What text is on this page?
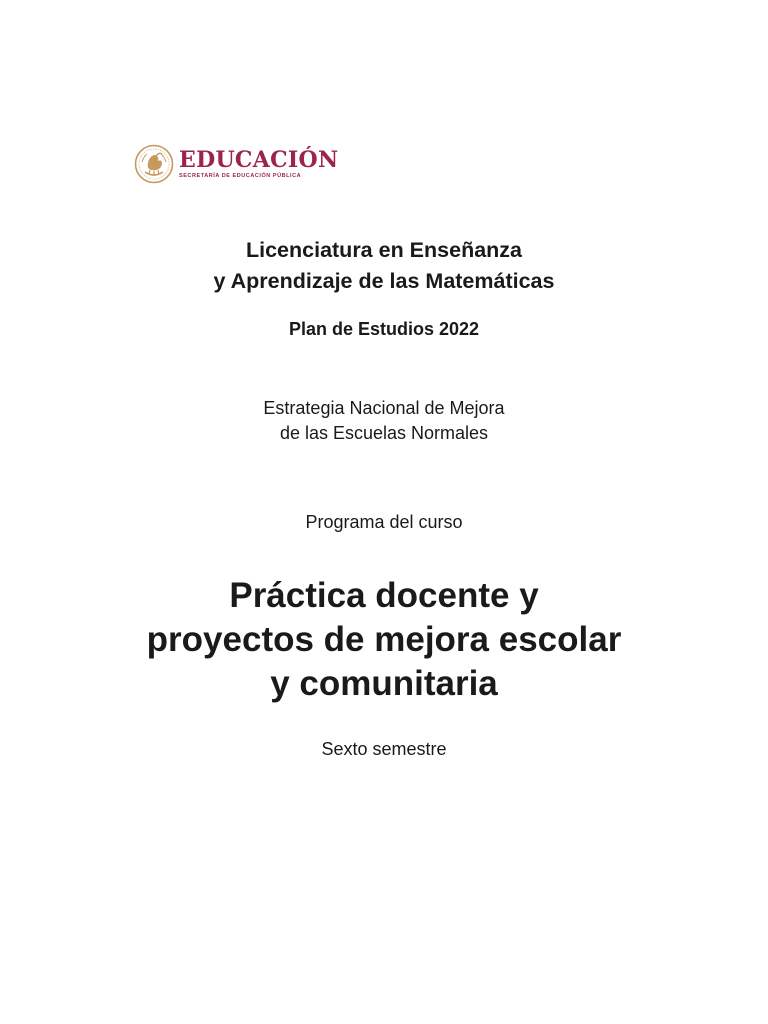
EDUCACIÓN
SECRETARÍA DE EDUCACIÓN PÚBLICA
Licenciatura en Enseñanza
y Aprendizaje de las Matemáticas
Plan de Estudios 2022
Estrategia Nacional de Mejora
de las Escuelas Normales
Programa del curso
Práctica docente y
proyectos de mejora escolar
y comunitaria
Sexto semestre
